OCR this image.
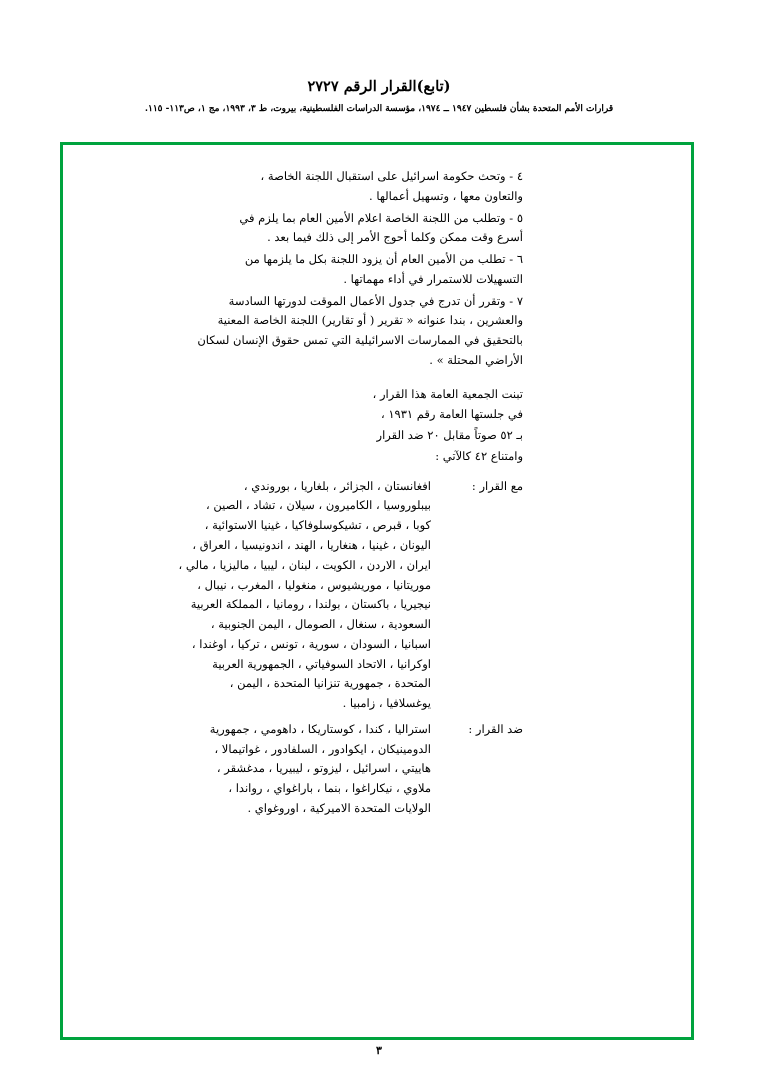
(تابع)القرار الرقم ٢٧٢٧
قرارات الأمم المتحدة بشأن فلسطين ١٩٤٧ ــ ١٩٧٤، مؤسسة الدراسات الفلسطينية، بيروت، ط ٣، ١٩٩٣، مج ١، ص١١٣- ١١٥.
٤ - وتحث حكومة اسرائيل على استقبال اللجنة الخاصة ،
والتعاون معها ، وتسهيل أعمالها .
٥ - وتطلب من اللجنة الخاصة اعلام الأمين العام بما يلزم في
أسرع وقت ممكن وكلما أحوج الأمر إلى ذلك فيما بعد .
٦ - تطلب من الأمين العام أن يزود اللجنة بكل ما يلزمها من
التسهيلات للاستمرار في أداء مهماتها .
٧ - وتقرر أن تدرج في جدول الأعمال الموقت لدورتها السادسة
والعشرين ، بندا عنوانه « تقرير ( أو تقارير) اللجنة الخاصة المعنية
بالتحقيق في الممارسات الاسرائيلية التي تمس حقوق الإنسان لسكان
الأراضي المحتلة » .
تبنت الجمعية العامة هذا القرار ،
في جلستها العامة رقم ١٩٣١ ،
بـ ٥٢ صوتاً مقابل ٢٠ ضد القرار
وامتناع ٤٢ كالآتي :
مع القرار :
افغانستان ، الجزائر ، بلغاريا ، بوروندي ،
بيبلوروسيا ، الكاميرون ، سيلان ، تشاد ، الصين ،
كوبا ، قبرص ، تشيكوسلوفاكيا ، غينيا الاستوائية ،
اليونان ، غينيا ، هنغاريا ، الهند ، اندونيسيا ، العراق ،
ايران ، الاردن ، الكويت ، لبنان ، ليبيا ، ماليزيا ، مالي ،
موريتانيا ، موريشيوس ، منغوليا ، المغرب ، نيبال ،
نيجيريا ، باكستان ، بولندا ، رومانيا ، المملكة العربية
السعودية ، سنغال ، الصومال ، اليمن الجنوبية ،
اسبانيا ، السودان ، سورية ، تونس ، تركيا ، اوغندا ،
اوكرانيا ، الاتحاد السوفياتي ، الجمهورية العربية
المتحدة ، جمهورية تنزانيا المتحدة ، اليمن ،
يوغسلافيا ، زامبيا .
ضد القرار :
استراليا ، كندا ، كوستاريكا ، داهومي ، جمهورية
الدومينيكان ، ايكوادور ، السلفادور ، غواتيمالا ،
هاييتي ، اسرائيل ، ليزوتو ، ليبيريا ، مدغشقر ،
ملاوي ، نيكاراغوا ، بنما ، باراغواي ، رواندا ،
الولايات المتحدة الاميركية ، اوروغواي .
٣
